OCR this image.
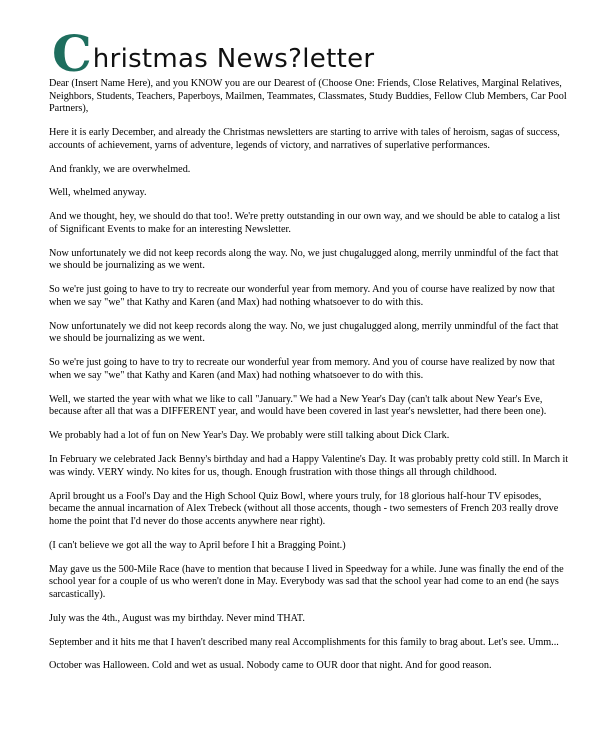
C hristmas News?letter

Dear (Insert Name Here), and you KNOW you are our Dearest of (Choose One: Friends, Close Relatives, Marginal Relatives, Neighbors, Students, Teachers, Paperboys, Mailmen, Teammates, Classmates, Study Buddies, Fellow Club Members, Car Pool Partners),

Here it is early December, and already the Christmas newsletters are starting to arrive with tales of heroism, sagas of success, accounts of achievement, yarns of adventure, legends of victory, and narratives of superlative performances.

And frankly, we are overwhelmed.

Well, whelmed anyway.

And we thought, hey, we should do that too!. We're pretty outstanding in our own way, and we should be able to catalog a list of Significant Events to make for an interesting Newsletter.

Now unfortunately we did not keep records along the way. No, we just chugalugged along, merrily unmindful of the fact that we should be journalizing as we went.

So we're just going to have to try to recreate our wonderful year from memory. And you of course have realized by now that when we say "we" that Kathy and Karen (and Max) had nothing whatsoever to do with this.

Now unfortunately we did not keep records along the way. No, we just chugalugged along, merrily unmindful of the fact that we should be journalizing as we went.

So we're just going to have to try to recreate our wonderful year from memory. And you of course have realized by now that when we say "we" that Kathy and Karen (and Max) had nothing whatsoever to do with this.

Well, we started the year with what we like to call "January." We had a New Year's Day (can't talk about New Year's Eve, because after all that was a DIFFERENT year, and would have been covered in last year's newsletter, had there been one).

We probably had a lot of fun on New Year's Day. We probably were still talking about Dick Clark.

In February we celebrated Jack Benny's birthday and had a Happy Valentine's Day. It was probably pretty cold still. In March it was windy. VERY windy. No kites for us, though. Enough frustration with those things all through childhood.

April brought us a Fool's Day and the High School Quiz Bowl, where yours truly, for 18 glorious half-hour TV episodes, became the annual incarnation of Alex Trebeck (without all those accents, though - two semesters of French 203 really drove home the point that I'd never do those accents anywhere near right).

(I can't believe we got all the way to April before I hit a Bragging Point.)

May gave us the 500-Mile Race (have to mention that because I lived in Speedway for a while. June was finally the end of the school year for a couple of us who weren't done in May. Everybody was sad that the school year had come to an end (he says sarcastically).

July was the 4th., August was my birthday. Never mind THAT.

September and it hits me that I haven't described many real Accomplishments for this family to brag about. Let's see. Umm...

October was Halloween. Cold and wet as usual. Nobody came to OUR door that night. And for good reason.
